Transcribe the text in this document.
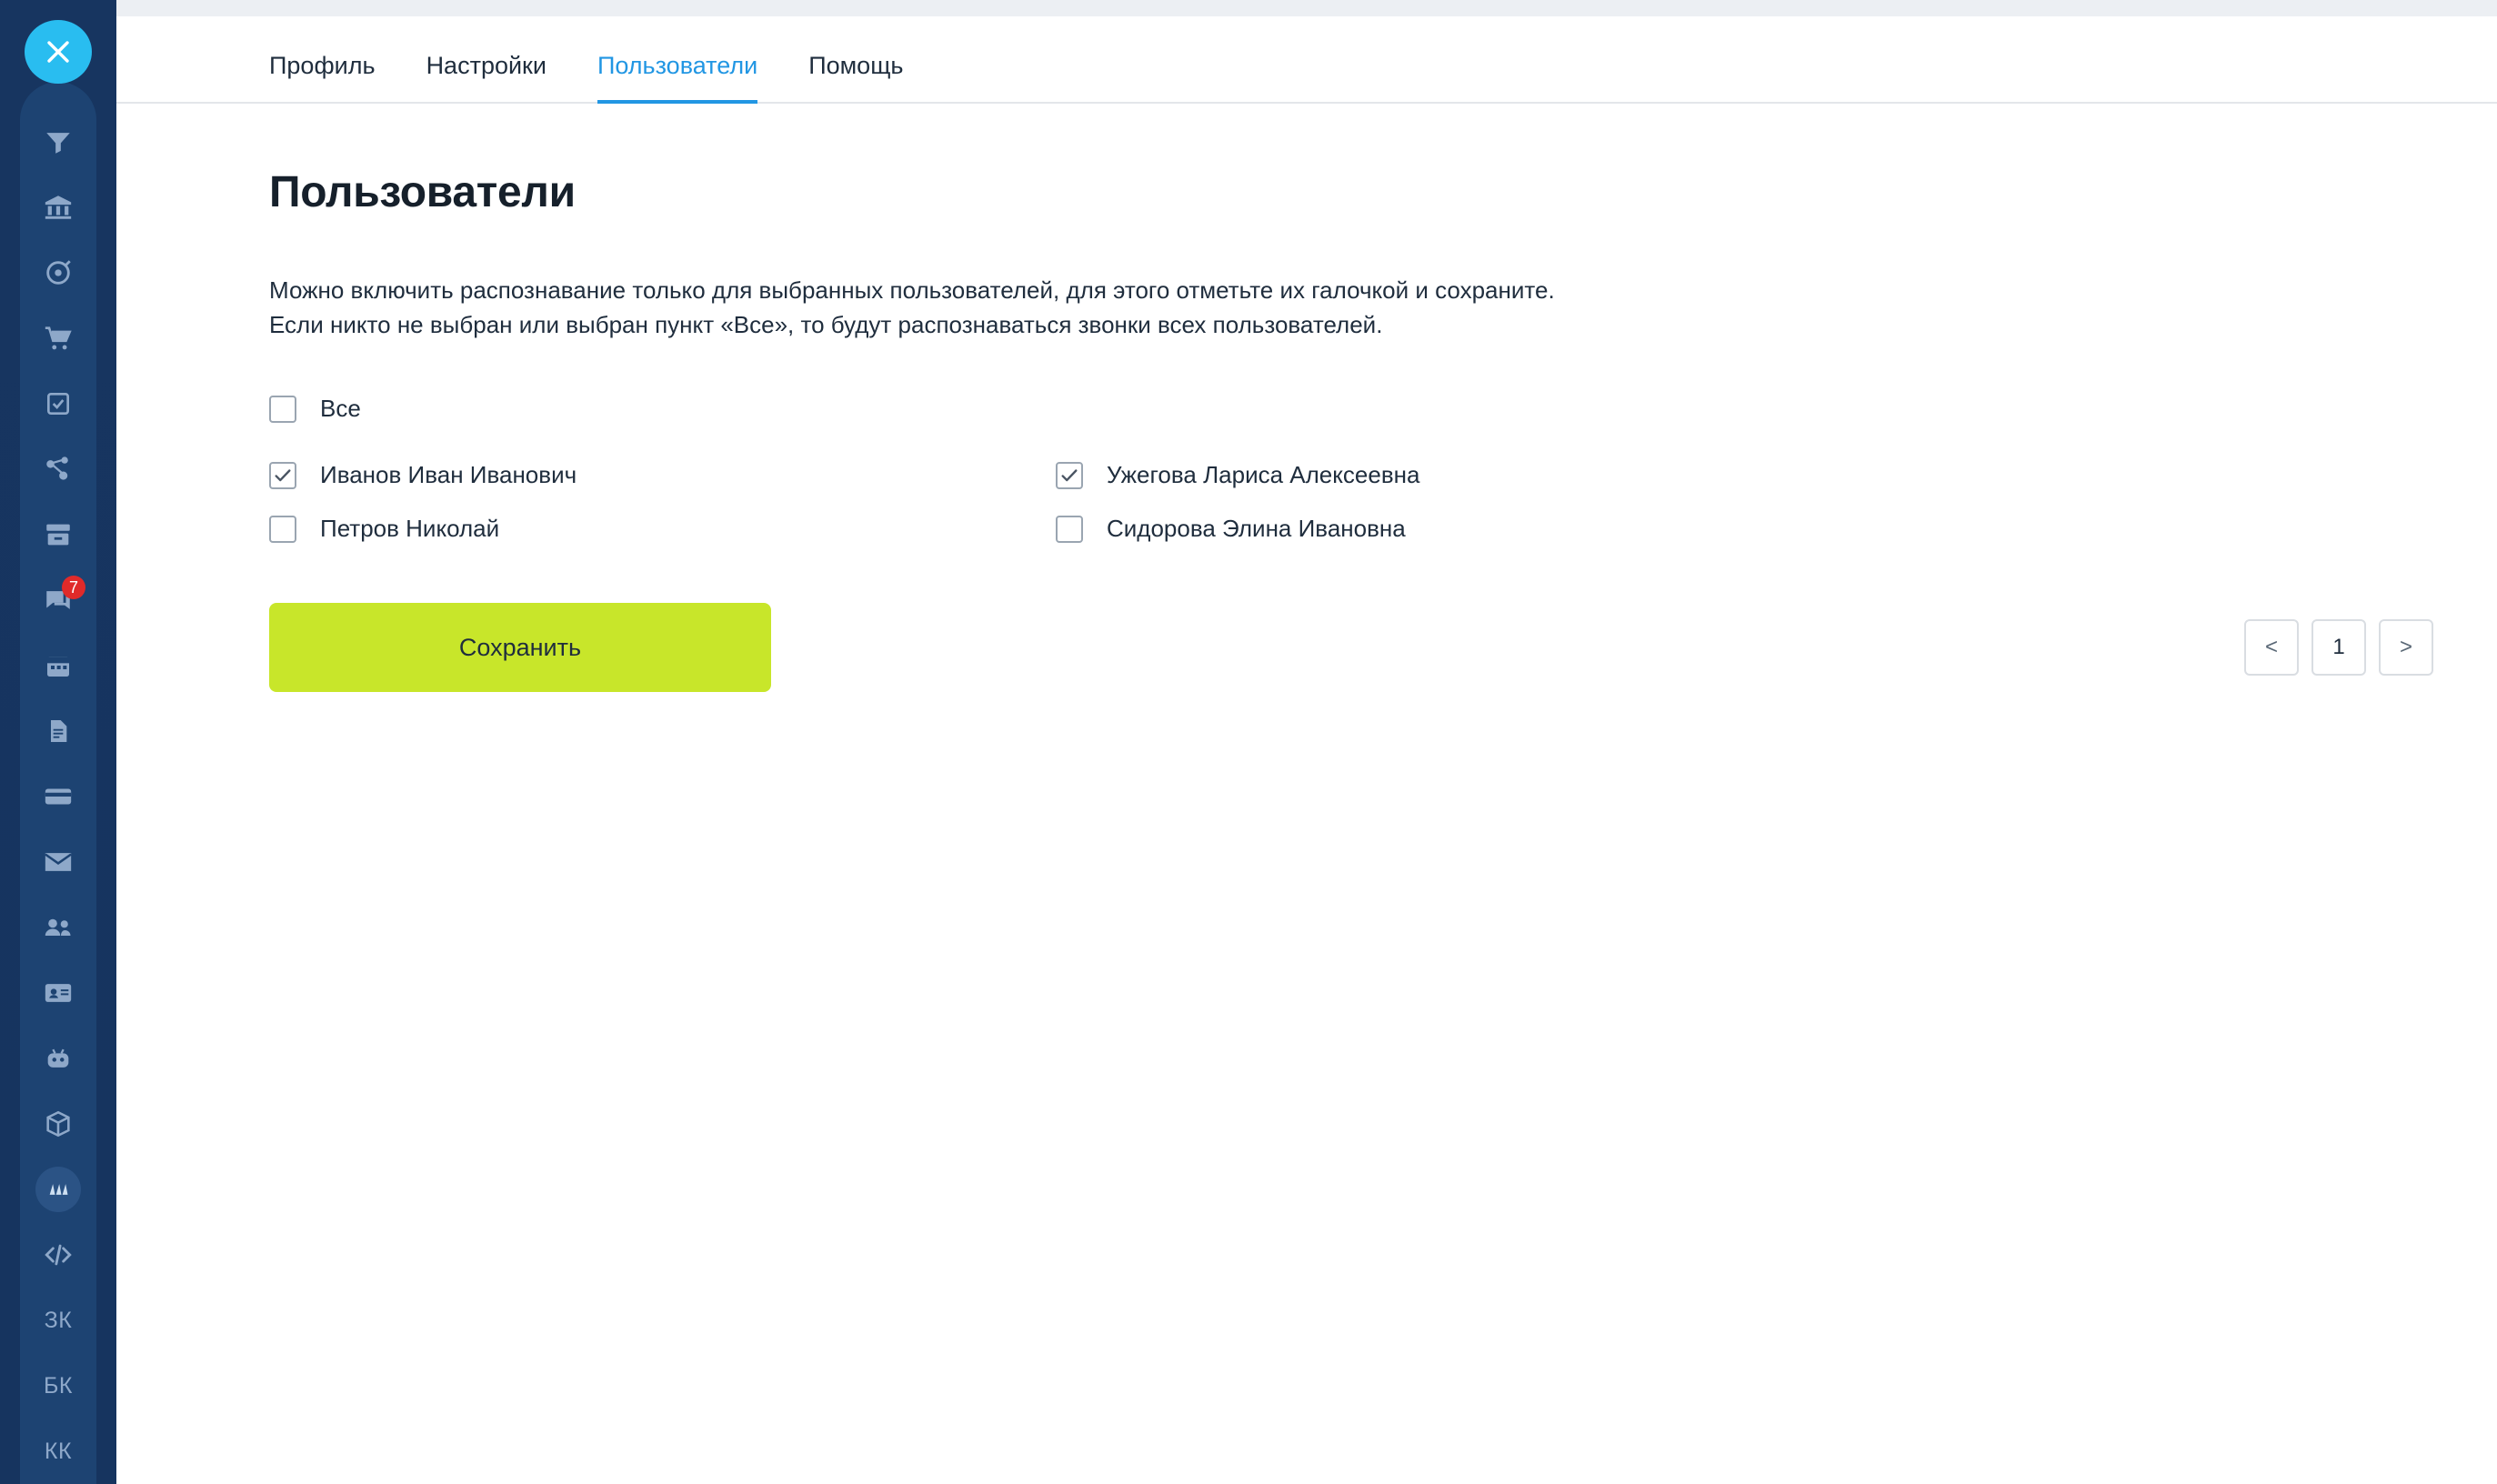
7
ЗК
БК
КК
Профиль Настройки Пользователи Помощь
Пользователи
Можно включить распознавание только для выбранных пользователей, для этого отметьте их галочкой и сохраните.
Если никто не выбран или выбран пункт «Все», то будут распознаваться звонки всех пользователей.
Все
Иванов Иван Иванович	Ужегова Лариса Алексеевна
Петров Николай	Сидорова Элина Ивановна
Сохранить	<	1	>
